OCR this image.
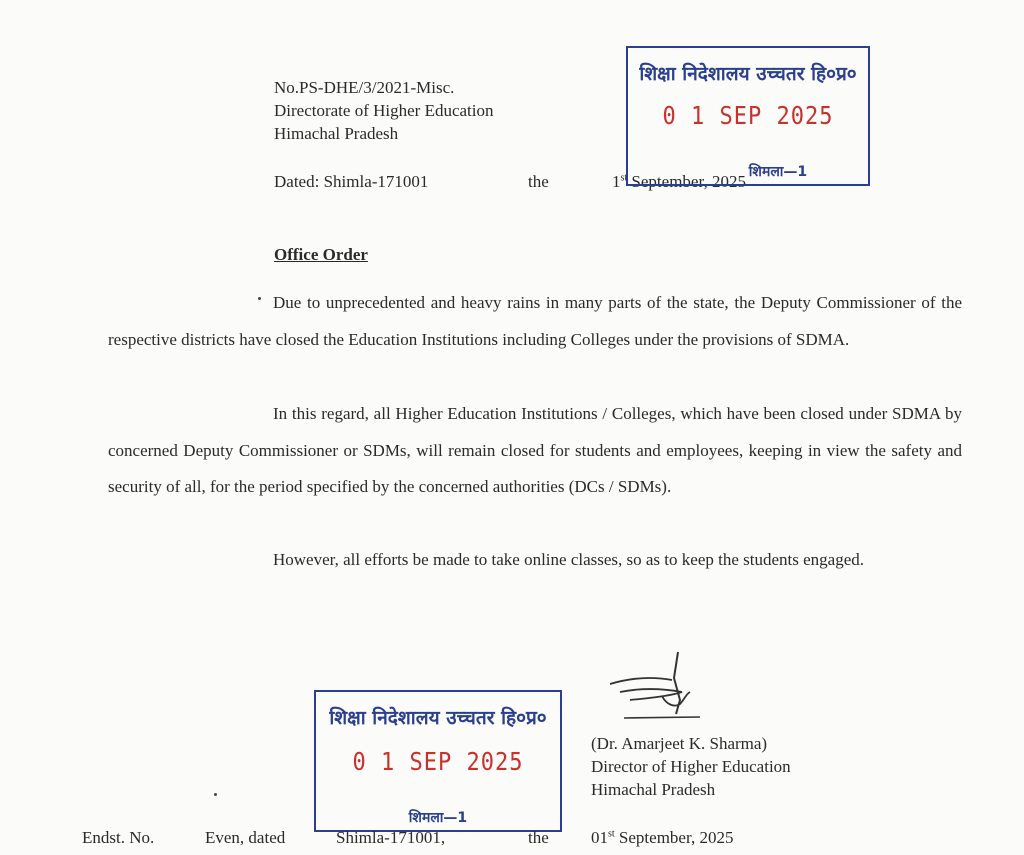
No.PS-DHE/3/2021-Misc.
Directorate of Higher Education
Himachal Pradesh
Dated: Shimla-171001	the	1st September, 2025
शिक्षा निदेशालय उच्चतर हि०प्र०
0 1 SEP 2025
शिमला—1
Office Order
Due to unprecedented and heavy rains in many parts of the state, the Deputy Commissioner of the respective districts have closed the Education Institutions including Colleges under the provisions of SDMA.
In this regard, all Higher Education Institutions / Colleges, which have been closed under SDMA by concerned Deputy Commissioner or SDMs, will remain closed for students and employees, keeping in view the safety and security of all, for the period specified by the concerned authorities (DCs / SDMs).
However, all efforts be made to take online classes, so as to keep the students engaged.
शिक्षा निदेशालय उच्चतर हि०प्र०
0 1 SEP 2025
शिमला—1
(Dr. Amarjeet K. Sharma)
Director of Higher Education
Himachal Pradesh
Endst. No.	Even, dated	Shimla-171001,	the 01st September, 2025
